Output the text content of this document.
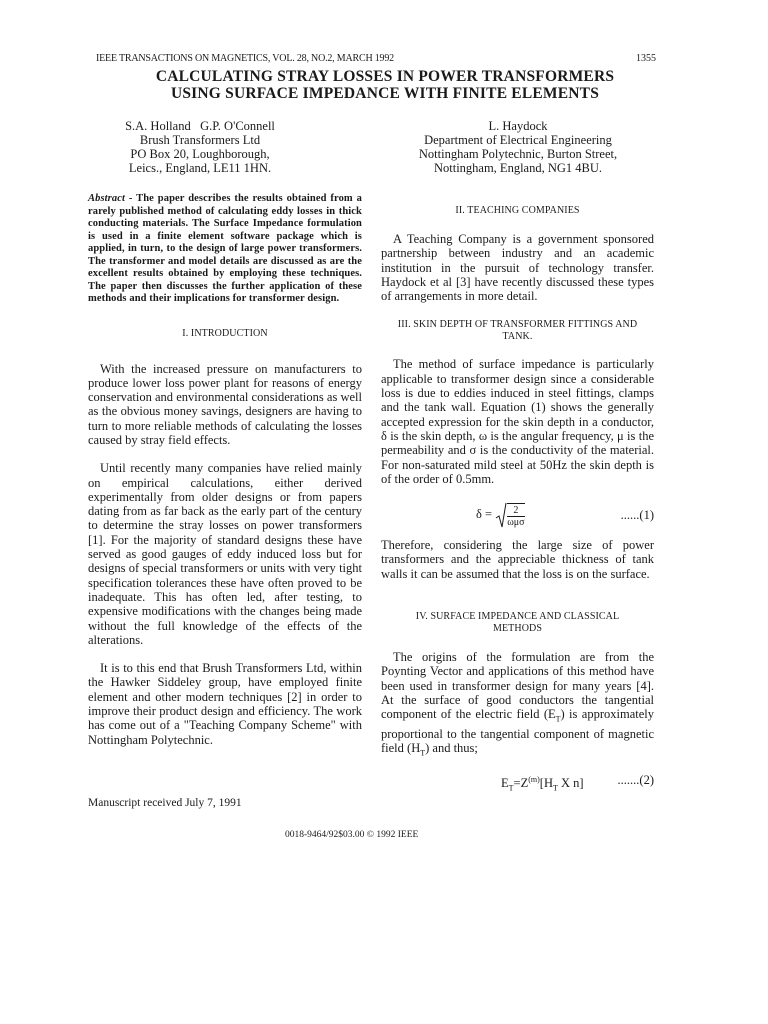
IEEE TRANSACTIONS ON MAGNETICS, VOL. 28, NO.2, MARCH 1992	1355
CALCULATING STRAY LOSSES IN POWER TRANSFORMERS
USING SURFACE IMPEDANCE WITH FINITE ELEMENTS
S.A. Holland   G.P. O'Connell
Brush Transformers Ltd
PO Box 20, Loughborough,
Leics., England, LE11 1HN.
L. Haydock
Department of Electrical Engineering
Nottingham Polytechnic, Burton Street,
Nottingham, England, NG1 4BU.
Abstract - The paper describes the results obtained from a rarely published method of calculating eddy losses in thick conducting materials. The Surface Impedance formulation is used in a finite element software package which is applied, in turn, to the design of large power transformers. The transformer and model details are discussed as are the excellent results obtained by employing these techniques. The paper then discusses the further application of these methods and their implications for transformer design.
I. INTRODUCTION

With the increased pressure on manufacturers to produce lower loss power plant for reasons of energy conservation and environmental considerations as well as the obvious money savings, designers are having to turn to more reliable methods of calculating the losses caused by stray field effects.

Until recently many companies have relied mainly on empirical calculations, either derived experimentally from older designs or from papers dating from as far back as the early part of the century to determine the stray losses on power transformers [1]. For the majority of standard designs these have served as good gauges of eddy induced loss but for designs of special transformers or units with very tight specification tolerances these have often proved to be inadequate. This has often led, after testing, to expensive modifications with the changes being made without the full knowledge of the effects of the alterations.

It is to this end that Brush Transformers Ltd, within the Hawker Siddeley group, have employed finite element and other modern techniques [2] in order to improve their product design and efficiency. The work has come out of a "Teaching Company Scheme" with Nottingham Polytechnic.

II. TEACHING COMPANIES

A Teaching Company is a government sponsored partnership between industry and an academic institution in the pursuit of technology transfer. Haydock et al [3] have recently discussed these types of arrangements in more detail.

III. SKIN DEPTH OF TRANSFORMER FITTINGS AND TANK.

The method of surface impedance is particularly applicable to transformer design since a considerable loss is due to eddies induced in steel fittings, clamps and the tank wall. Equation (1) shows the generally accepted expression for the skin depth in a conductor, δ is the skin depth, ω is the angular frequency, μ is the permeability and σ is the conductivity of the material. For non-saturated mild steel at 50Hz the skin depth is of the order of 0.5mm.

$\delta = \frac{2}{\text{ωμσ}}$	......(1)

Therefore, considering the large size of power transformers and the appreciable thickness of tank walls it can be assumed that the loss is on the surface.

IV. SURFACE IMPEDANCE AND CLASSICAL METHODS

The origins of the formulation are from the Poynting Vector and applications of this method have been used in transformer design for many years [4]. At the surface of good conductors the tangential component of the electric field $(E_T)$ is approximately proportional to the tangential component of magnetic field $(H_T)$ and thus;

$E_T=Z^{(m)}[H_T$ X n]	.......(2)
Manuscript received July 7, 1991
0018-9464/92$03.00 © 1992 IEEE
